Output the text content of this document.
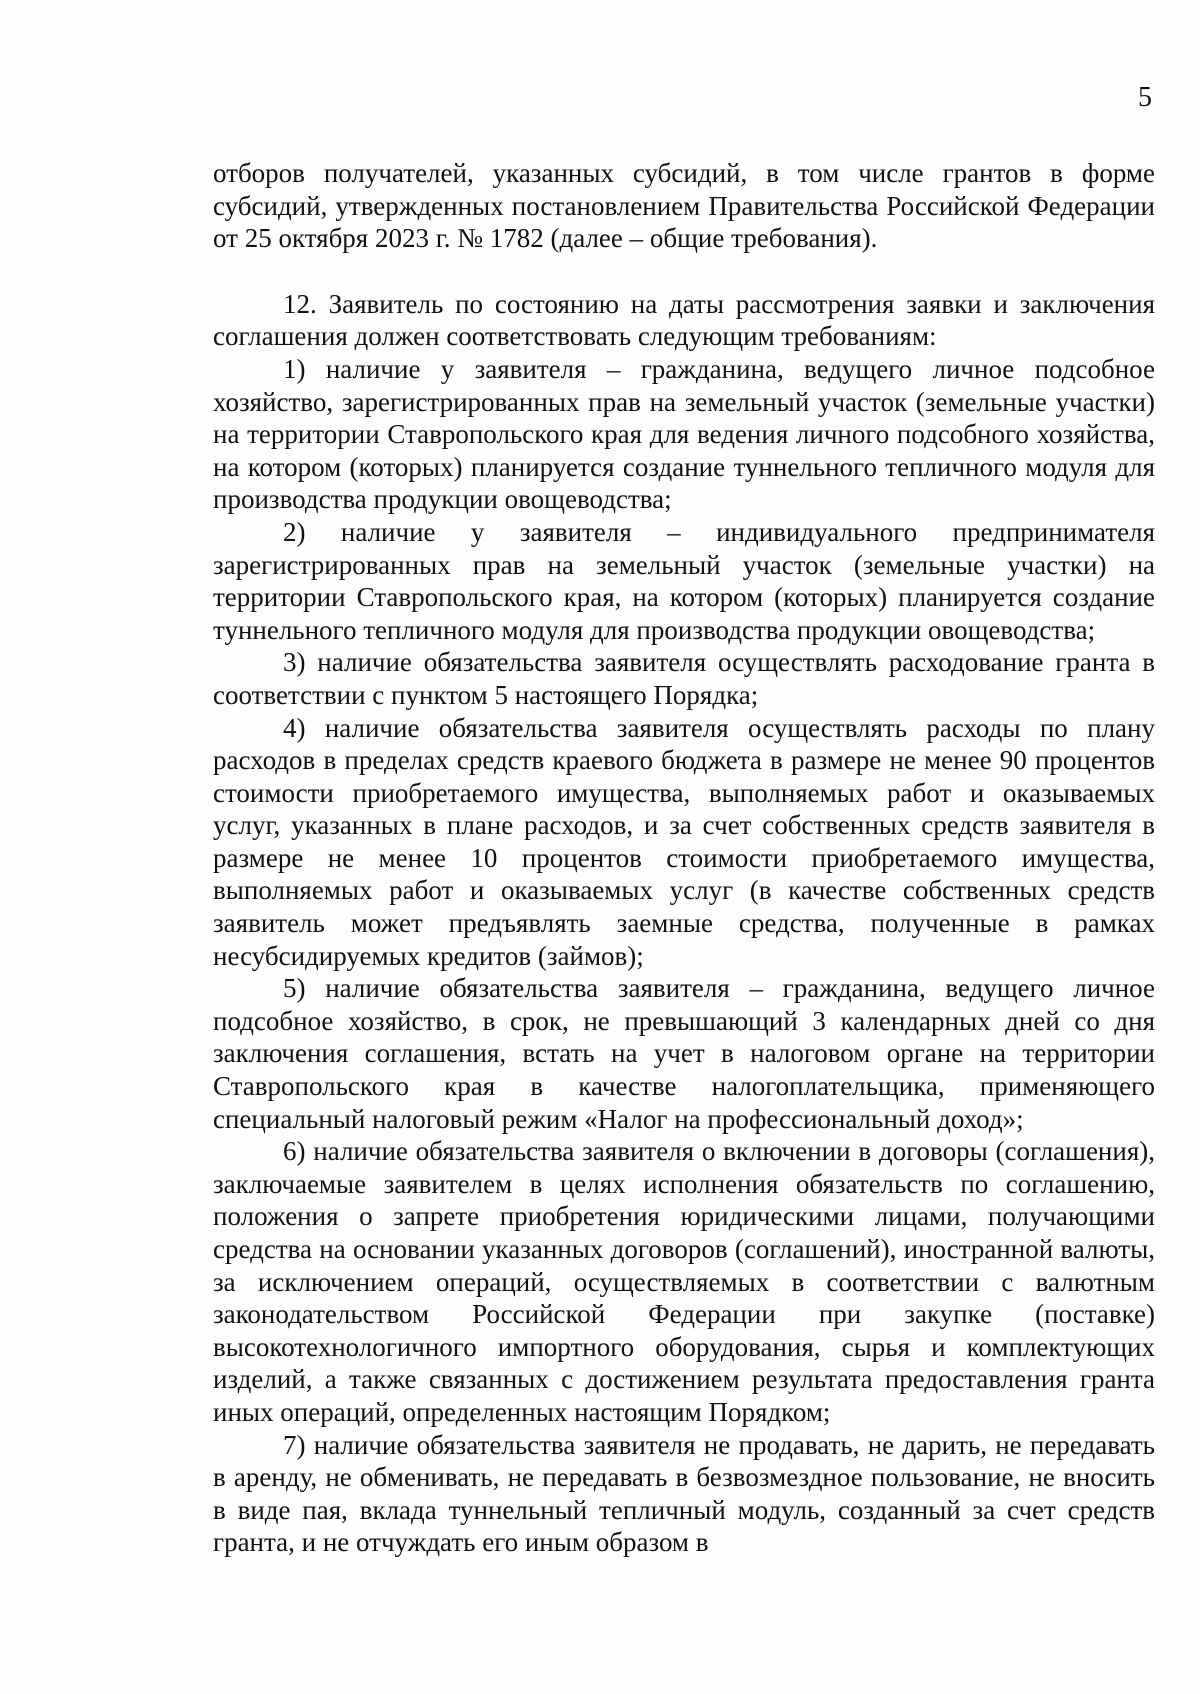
5

отборов получателей, указанных субсидий, в том числе грантов в форме субсидий, утвержденных постановлением Правительства Российской Федерации от 25 октября 2023 г. № 1782 (далее – общие требования).

12. Заявитель по состоянию на даты рассмотрения заявки и заключения соглашения должен соответствовать следующим требованиям:

1) наличие у заявителя – гражданина, ведущего личное подсобное хозяйство, зарегистрированных прав на земельный участок (земельные участки) на территории Ставропольского края для ведения личного подсобного хозяйства, на котором (которых) планируется создание туннельного тепличного модуля для производства продукции овощеводства;

2) наличие у заявителя – индивидуального предпринимателя зарегистрированных прав на земельный участок (земельные участки) на территории Ставропольского края, на котором (которых) планируется создание туннельного тепличного модуля для производства продукции овощеводства;

3) наличие обязательства заявителя осуществлять расходование гранта в соответствии с пунктом 5 настоящего Порядка;

4) наличие обязательства заявителя осуществлять расходы по плану расходов в пределах средств краевого бюджета в размере не менее 90 процентов стоимости приобретаемого имущества, выполняемых работ и оказываемых услуг, указанных в плане расходов, и за счет собственных средств заявителя в размере не менее 10 процентов стоимости приобретаемого имущества, выполняемых работ и оказываемых услуг (в качестве собственных средств заявитель может предъявлять заемные средства, полученные в рамках несубсидируемых кредитов (займов);

5) наличие обязательства заявителя – гражданина, ведущего личное подсобное хозяйство, в срок, не превышающий 3 календарных дней со дня заключения соглашения, встать на учет в налоговом органе на территории Ставропольского края в качестве налогоплательщика, применяющего специальный налоговый режим «Налог на профессиональный доход»;

6) наличие обязательства заявителя о включении в договоры (соглашения), заключаемые заявителем в целях исполнения обязательств по соглашению, положения о запрете приобретения юридическими лицами, получающими средства на основании указанных договоров (соглашений), иностранной валюты, за исключением операций, осуществляемых в соответствии с валютным законодательством Российской Федерации при закупке (поставке) высокотехнологичного импортного оборудования, сырья и комплектующих изделий, а также связанных с достижением результата предоставления гранта иных операций, определенных настоящим Порядком;

7) наличие обязательства заявителя не продавать, не дарить, не передавать в аренду, не обменивать, не передавать в безвозмездное пользование, не вносить в виде пая, вклада туннельный тепличный модуль, созданный за счет средств гранта, и не отчуждать его иным образом в
